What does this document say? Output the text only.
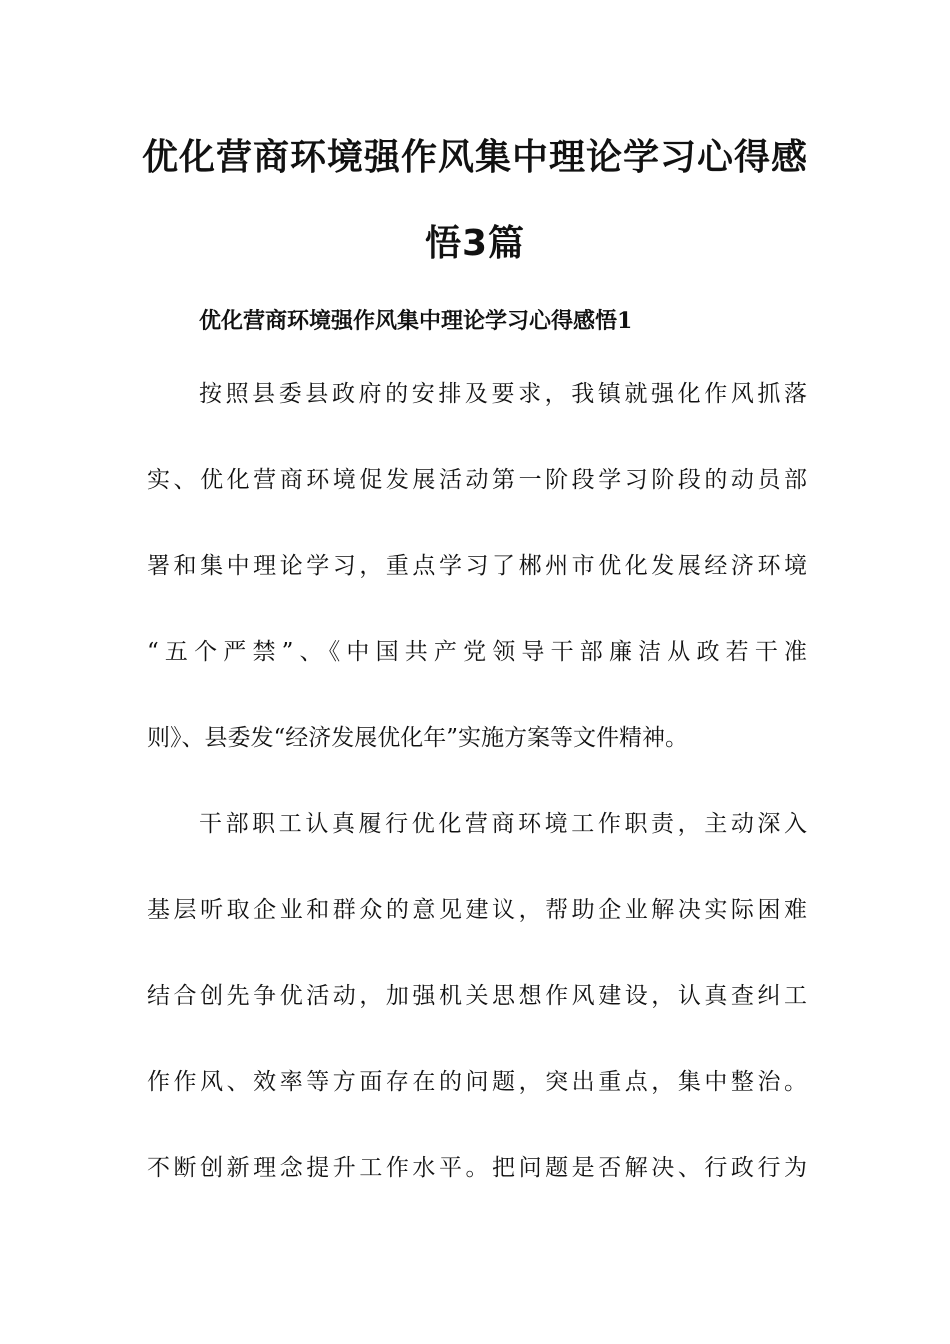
优化营商环境强作风集中理论学习心得感
悟3篇
优化营商环境强作风集中理论学习心得感悟1
按照县委县政府的安排及要求，我镇就强化作风抓落
实、优化营商环境促发展活动第一阶段学习阶段的动员部
署和集中理论学习，重点学习了郴州市优化发展经济环境
“五个严禁”、《中国共产党领导干部廉洁从政若干准
则》、县委发“经济发展优化年”实施方案等文件精神。
干部职工认真履行优化营商环境工作职责，主动深入
基层听取企业和群众的意见建议，帮助企业解决实际困难
结合创先争优活动，加强机关思想作风建设，认真查纠工
作作风、效率等方面存在的问题，突出重点，集中整治。
不断创新理念提升工作水平。把问题是否解决、行政行为
